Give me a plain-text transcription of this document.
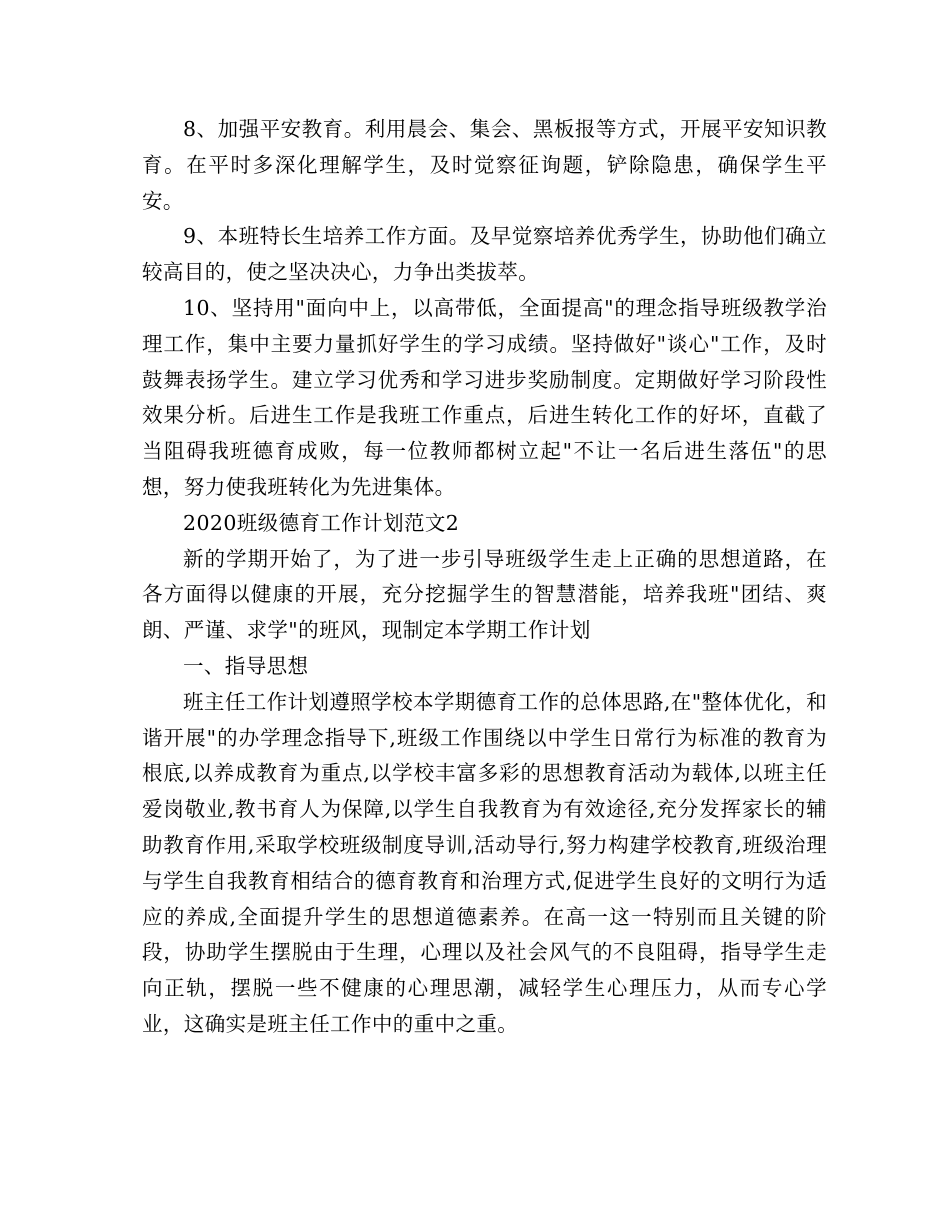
8、加强平安教育。利用晨会、集会、黑板报等方式，开展平安知识教育。在平时多深化理解学生，及时觉察征询题，铲除隐患，确保学生平安。

9、本班特长生培养工作方面。及早觉察培养优秀学生，协助他们确立较高目的，使之坚决决心，力争出类拔萃。

10、坚持用"面向中上，以高带低，全面提高"的理念指导班级教学治理工作，集中主要力量抓好学生的学习成绩。坚持做好"谈心"工作，及时鼓舞表扬学生。建立学习优秀和学习进步奖励制度。定期做好学习阶段性效果分析。后进生工作是我班工作重点，后进生转化工作的好坏，直截了当阻碍我班德育成败，每一位教师都树立起"不让一名后进生落伍"的思想，努力使我班转化为先进集体。

2020班级德育工作计划范文2

新的学期开始了，为了进一步引导班级学生走上正确的思想道路，在各方面得以健康的开展，充分挖掘学生的智慧潜能，培养我班"团结、爽朗、严谨、求学"的班风，现制定本学期工作计划

一、指导思想

班主任工作计划遵照学校本学期德育工作的总体思路,在"整体优化，和谐开展"的办学理念指导下,班级工作围绕以中学生日常行为标准的教育为根底,以养成教育为重点,以学校丰富多彩的思想教育活动为载体,以班主任爱岗敬业,教书育人为保障,以学生自我教育为有效途径,充分发挥家长的辅助教育作用,采取学校班级制度导训,活动导行,努力构建学校教育,班级治理与学生自我教育相结合的德育教育和治理方式,促进学生良好的文明行为适应的养成,全面提升学生的思想道德素养。在高一这一特别而且关键的阶段，协助学生摆脱由于生理，心理以及社会风气的不良阻碍，指导学生走向正轨，摆脱一些不健康的心理思潮，减轻学生心理压力，从而专心学业，这确实是班主任工作中的重中之重。
